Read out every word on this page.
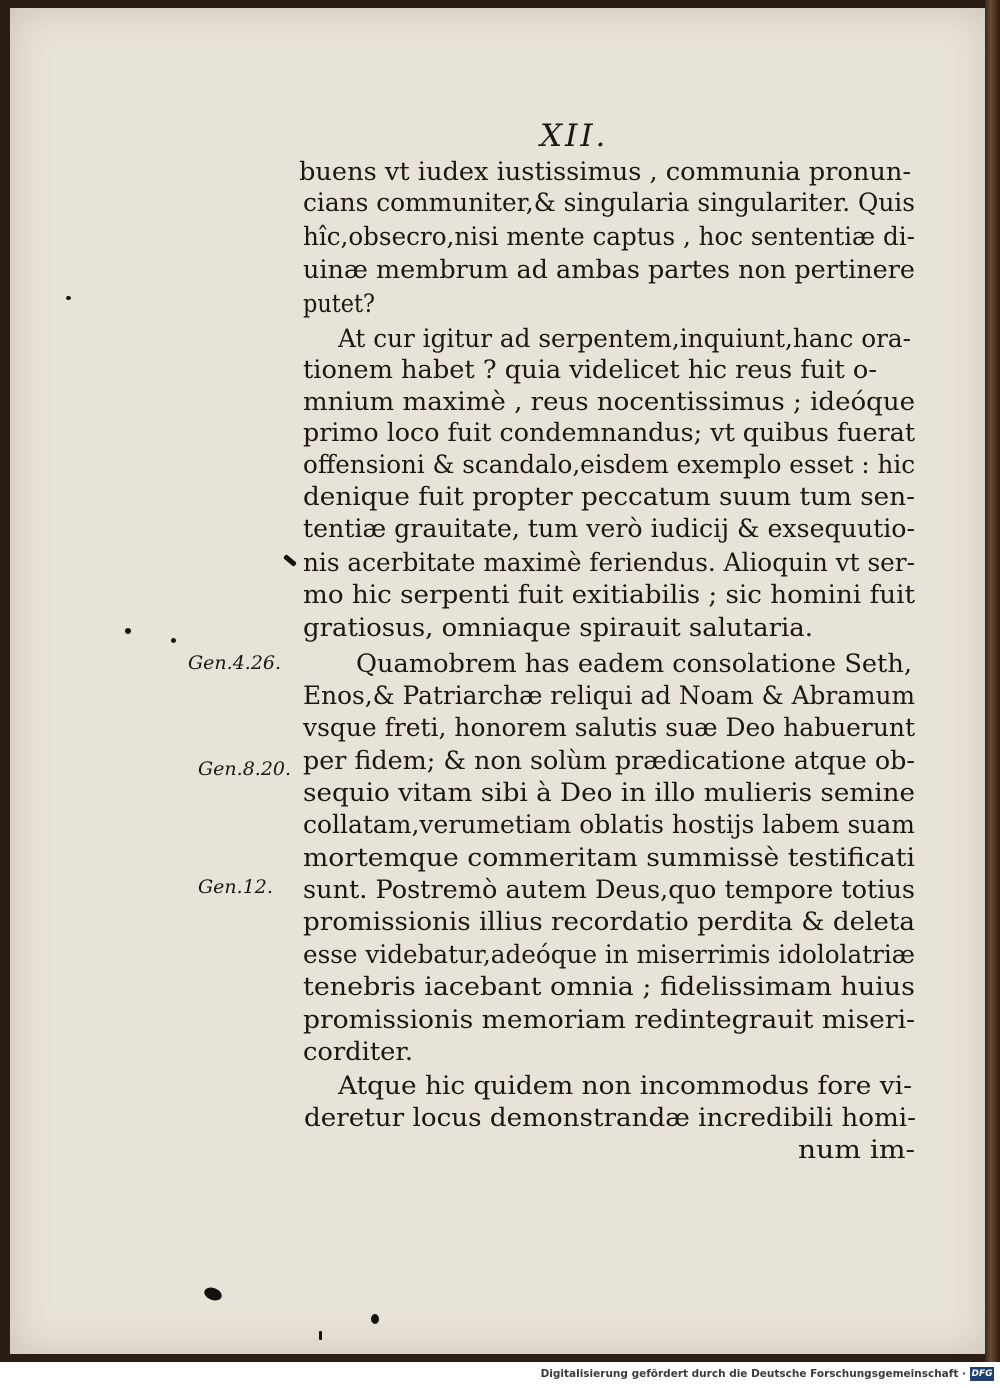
XII.
buens vt iudex iustissimus , communia pronun-
cians communiter,& singularia singulariter. Quis
hîc,obsecro,nisi mente captus , hoc sententiæ di-
uinæ membrum ad ambas partes non pertinere
putet?
At cur igitur ad serpentem,inquiunt,hanc ora-
tionem habet ? quia videlicet hic reus fuit o-
mnium maximè , reus nocentissimus ; ideóque
primo loco fuit condemnandus; vt quibus fuerat
offensioni & scandalo,eisdem exemplo esset : hic
denique fuit propter peccatum suum tum sen-
tentiæ grauitate, tum verò iudicij & exsequutio-
nis acerbitate maximè feriendus. Alioquin vt ser-
mo hic serpenti fuit exitiabilis ; sic homini fuit
gratiosus, omniaque spirauit salutaria.
Quamobrem has eadem consolatione Seth,
Enos,& Patriarchæ reliqui ad Noam & Abramum
vsque freti, honorem salutis suæ Deo habuerunt
per fidem; & non solùm prædicatione atque ob-
sequio vitam sibi à Deo in illo mulieris semine
collatam,verumetiam oblatis hostijs labem suam
mortemque commeritam summissè testificati
sunt. Postremò autem Deus,quo tempore totius
promissionis illius recordatio perdita & deleta
esse videbatur,adeóque in miserrimis idololatriæ
tenebris iacebant omnia ; fidelissimam huius
promissionis memoriam redintegrauit miseri-
corditer.
Atque hic quidem non incommodus fore vi-
deretur locus demonstrandæ incredibili homi-
num im-
Gen.4.26.
Gen.8.20.
Gen.12.
Digitalisierung gefördert durch die Deutsche Forschungsgemeinschaft · DFG
